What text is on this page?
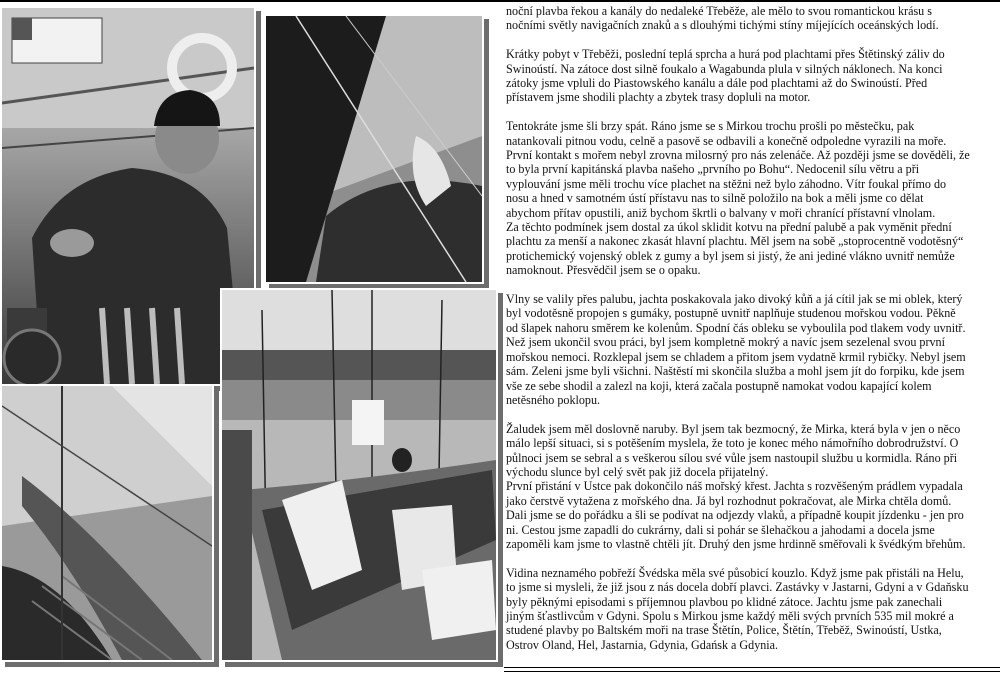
noční plavba řekou a kanály do nedaleké Třeběže, ale mělo to svou romantickou krásu s nočními světly navigačních znaků a s dlouhými tichými stíny míjejících oceánských lodí.

Krátky pobyt v Třeběži, poslední teplá sprcha a hurá pod plachtami přes Štětinský záliv do Swinoústí. Na zátoce dost silně foukalo a Wagabunda plula v silných náklonech. Na konci zátoky jsme vpluli do Piastowského kanálu a dále pod plachtami až do Swinoústí. Před přístavem jsme shodili plachty a zbytek trasy dopluli na motor.

Tentokráte jsme šli brzy spát. Ráno jsme se s Mirkou trochu prošli po městečku, pak natankovali pitnou vodu, celně a pasově se odbavili a konečně odpoledne vyrazili na moře.

První kontakt s mořem nebyl zrovna milosrný pro nás zelenáče. Až později jsme se dověděli, že to byla první kapitánská plavba našeho „prvního po Bohu“. Nedocenil sílu větru a při vyplouvání jsme měli trochu více plachet na stěžni než bylo záhodno. Vítr foukal přímo do nosu a hned v samotném ústí přístavu nas to silně položilo na bok a měli jsme co dělat abychom přítav opustili, aniž bychom škrtli o balvany v moři chranící přístavní vlnolam.

Za těchto podmínek jsem dostal za úkol sklidit kotvu na přední palubě a pak vyměnit přední plachtu za menší a nakonec zkasát hlavní plachtu. Měl jsem na sobě „stoprocentně vodotěsný“ protichemický vojenský oblek z gumy a byl jsem si jistý, že ani jediné vlákno uvnitř nemůže namoknout. Přesvědčil jsem se o opaku.

Vlny se valily přes palubu, jachta poskakovala jako divoký kůň a já cítil jak se mi oblek, který byl vodotěsně propojen s gumáky, postupně uvnitř naplňuje studenou mořskou vodou. Pěkně od šlapek nahoru směrem ke kolenům. Spodní čás obleku se vyboulila pod tlakem vody uvnitř. Než jsem ukončil svou práci, byl jsem kompletně mokrý a navíc jsem sezelenal svou první mořskou nemoci. Rozklepal jsem se chladem a přitom jsem vydatně krmil rybičky. Nebyl jsem sám. Zeleni jsme byli všichni. Naštěstí mi skončila služba a mohl jsem jít do forpiku, kde jsem vše ze sebe shodil a zalezl na koji, která začala postupně namokat vodou kapající kolem netěsného poklopu.

Žaludek jsem měl doslovně naruby. Byl jsem tak bezmocný, že Mirka, která byla v jen o něco málo lepší situaci, si s potěšením myslela, že toto je konec mého námořního dobrodružství. O půlnoci jsem se sebral a s veškerou sílou své vůle jsem nastoupil službu u kormidla. Ráno při východu slunce byl celý svět pak již docela přijatelný.

První přistání v Ustce pak dokončilo náš mořský křest. Jachta s rozvěšeným prádlem vypadala jako čerstvě vytažena z mořského dna. Já byl rozhodnut pokračovat, ale Mirka chtěla domů. Dali jsme se do pořádku a šli se podívat na odjezdy vlaků, a případně koupit jízdenku - jen pro ni. Cestou jsme zapadli do cukrárny, dali si pohár se šlehačkou a jahodami a docela jsme zapoměli kam jsme to vlastně chtěli jít. Druhý den jsme hrdinně směřovali k švédkým břehům.

Vidina neznamého pobřeží Švédska měla své působicí kouzlo. Když jsme pak přistáli na Helu, to jsme si mysleli, že již jsou z nás docela dobří plavci. Zastávky v Jastarni, Gdyni a v Gdaňsku byly pěknými episodami s příjemnou plavbou po klidné zátoce. Jachtu jsme pak zanechali jiným šťastlivcům v Gdyni. Spolu s Mirkou jsme každý měli svých prvních 535 mil mokré a studené plavby po Baltském moři na trase Štětín, Police, Štětín, Třeběž, Swinoústí, Ustka, Ostrov Oland, Hel, Jastarnia, Gdynia, Gdańsk a Gdynia.
